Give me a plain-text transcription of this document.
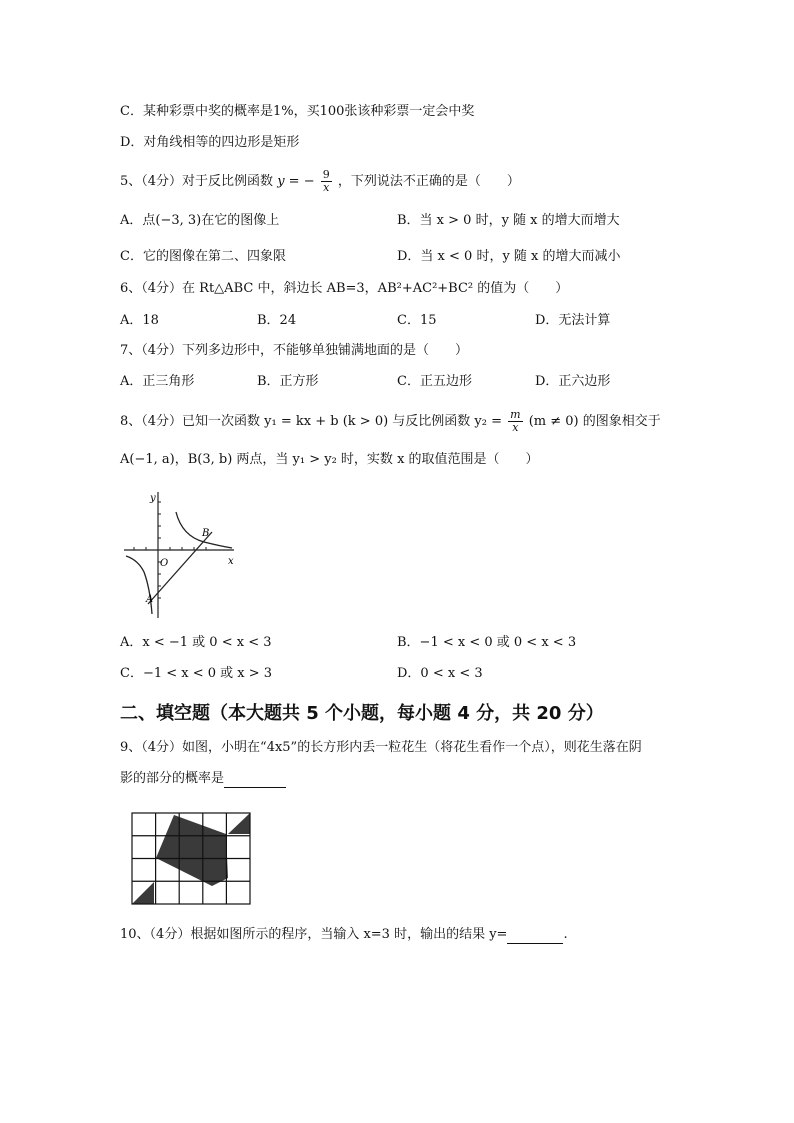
C．某种彩票中奖的概率是1%，买100张该种彩票一定会中奖
D．对角线相等的四边形是矩形
5、（4分）对于反比例函数 y = − $\frac{9}{x}$ ，下列说法不正确的是（　　）
A．点(−3, 3)在它的图像上	B．当 x > 0 时，y 随 x 的增大而增大
C．它的图像在第二、四象限	D．当 x < 0 时，y 随 x 的增大而减小
6、（4分）在 Rt△ABC 中，斜边长 AB=3，AB²+AC²+BC² 的值为（　　）
A．18	B．24	C．15	D．无法计算
7、（4分）下列多边形中，不能够单独铺满地面的是（　　）
A．正三角形	B．正方形	C．正五边形	D．正六边形
8、（4分）已知一次函数 y₁ = kx + b (k > 0) 与反比例函数 $y_2 = \frac{m}{x} (m \ne 0)$ 的图象相交于
A(−1, a)，B(3, b) 两点，当 y₁ > y₂ 时，实数 x 的取值范围是（　　）
y
x
O
A
B
A．x < −1 或 0 < x < 3	B．−1 < x < 0 或 0 < x < 3
C．−1 < x < 0 或 x > 3	D．0 < x < 3
二、填空题（本大题共 5 个小题，每小题 4 分，共 20 分）
9、（4分）如图，小明在“4x5”的长方形内丢一粒花生（将花生看作一个点），则花生落在阴
影的部分的概率是
10、（4分）根据如图所示的程序，当输入 x=3 时，输出的结果 y=	.
